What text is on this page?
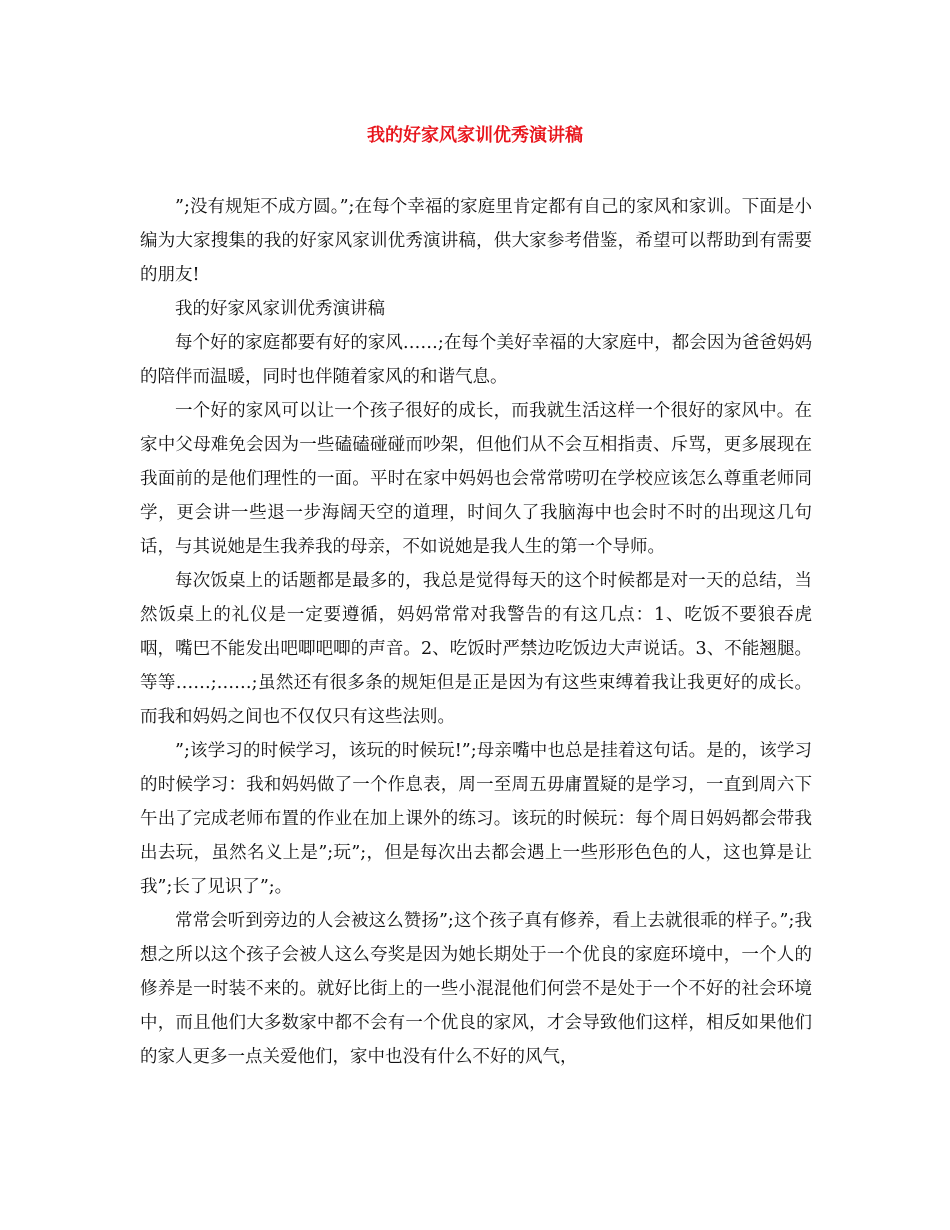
我的好家风家训优秀演讲稿

”;没有规矩不成方圆。”;在每个幸福的家庭里肯定都有自己的家风和家训。下面是小编为大家搜集的我的好家风家训优秀演讲稿，供大家参考借鉴，希望可以帮助到有需要的朋友!

我的好家风家训优秀演讲稿

每个好的家庭都要有好的家风……;在每个美好幸福的大家庭中，都会因为爸爸妈妈的陪伴而温暖，同时也伴随着家风的和谐气息。

一个好的家风可以让一个孩子很好的成长，而我就生活这样一个很好的家风中。在家中父母难免会因为一些磕磕碰碰而吵架，但他们从不会互相指责、斥骂，更多展现在我面前的是他们理性的一面。平时在家中妈妈也会常常唠叨在学校应该怎么尊重老师同学，更会讲一些退一步海阔天空的道理，时间久了我脑海中也会时不时的出现这几句话，与其说她是生我养我的母亲，不如说她是我人生的第一个导师。

每次饭桌上的话题都是最多的，我总是觉得每天的这个时候都是对一天的总结，当然饭桌上的礼仪是一定要遵循，妈妈常常对我警告的有这几点：1、吃饭不要狼吞虎咽，嘴巴不能发出吧唧吧唧的声音。2、吃饭时严禁边吃饭边大声说话。3、不能翘腿。等等……;……;虽然还有很多条的规矩但是正是因为有这些束缚着我让我更好的成长。而我和妈妈之间也不仅仅只有这些法则。

”;该学习的时候学习，该玩的时候玩!”;母亲嘴中也总是挂着这句话。是的，该学习的时候学习：我和妈妈做了一个作息表，周一至周五毋庸置疑的是学习，一直到周六下午出了完成老师布置的作业在加上课外的练习。该玩的时候玩：每个周日妈妈都会带我出去玩，虽然名义上是”;玩”;，但是每次出去都会遇上一些形形色色的人，这也算是让我”;长了见识了”;。

常常会听到旁边的人会被这么赞扬”;这个孩子真有修养，看上去就很乖的样子。”;我想之所以这个孩子会被人这么夸奖是因为她长期处于一个优良的家庭环境中，一个人的修养是一时装不来的。就好比街上的一些小混混他们何尝不是处于一个不好的社会环境中，而且他们大多数家中都不会有一个优良的家风，才会导致他们这样，相反如果他们的家人更多一点关爱他们，家中也没有什么不好的风气，
